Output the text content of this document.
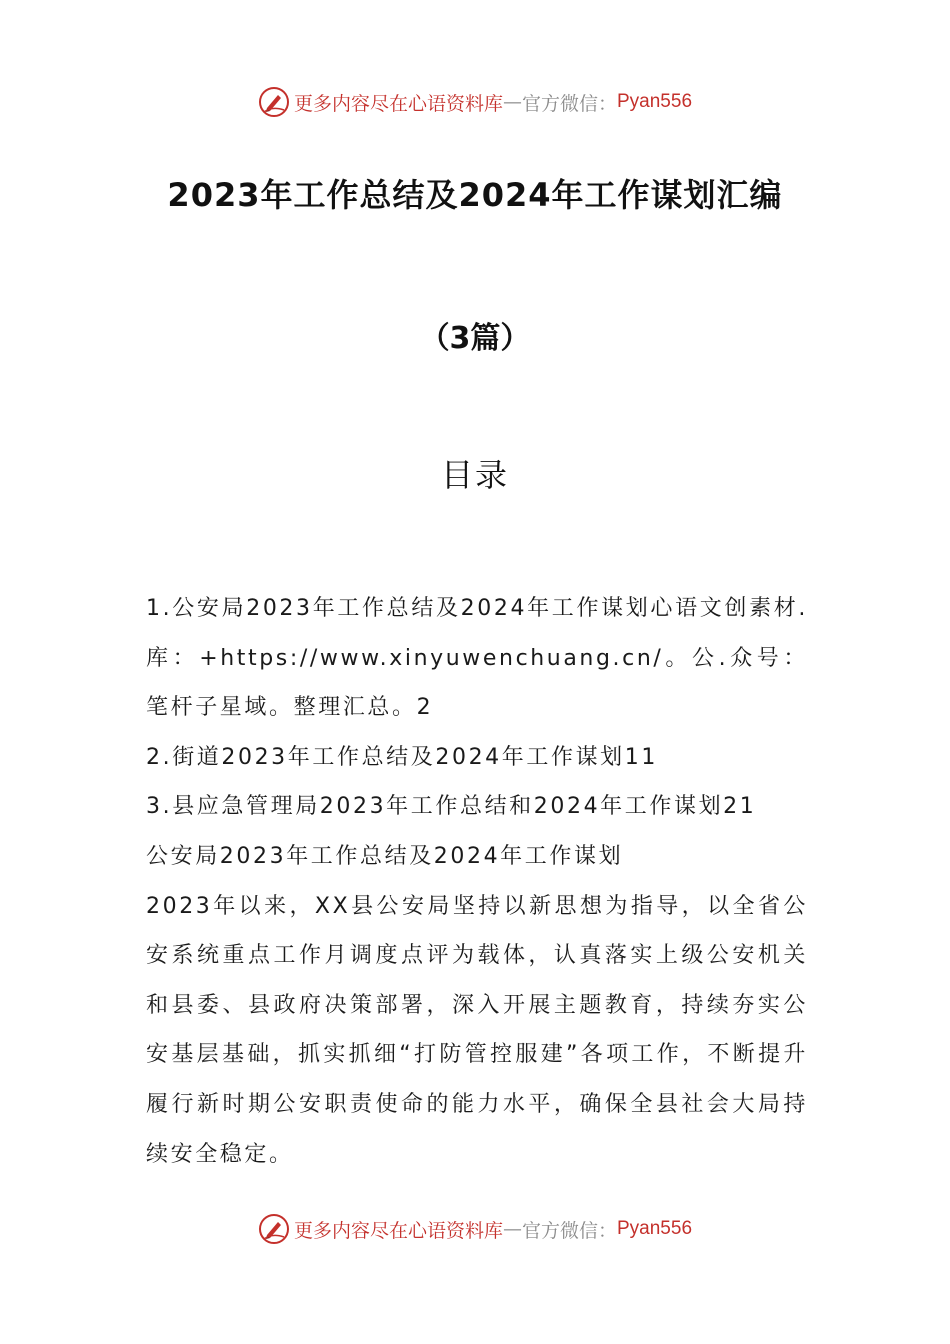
更多内容尽在心语资料库 — 官方微信： Pyan556
2023年工作总结及2024年工作谋划汇编
（3篇）
目录

1.公安局2023年工作总结及2024年工作谋划心语文创素材.库：+https://www.xinyuwenchuang.cn/。公.众号：笔杆子星域。整理汇总。2

2.街道2023年工作总结及2024年工作谋划11

3.县应急管理局2023年工作总结和2024年工作谋划21

公安局2023年工作总结及2024年工作谋划

2023年以来，XX县公安局坚持以新思想为指导，以全省公安系统重点工作月调度点评为载体，认真落实上级公安机关和县委、县政府决策部署，深入开展主题教育，持续夯实公安基层基础，抓实抓细“打防管控服建”各项工作，不断提升履行新时期公安职责使命的能力水平，确保全县社会大局持续安全稳定。

更多内容尽在心语资料库 — 官方微信： Pyan556
